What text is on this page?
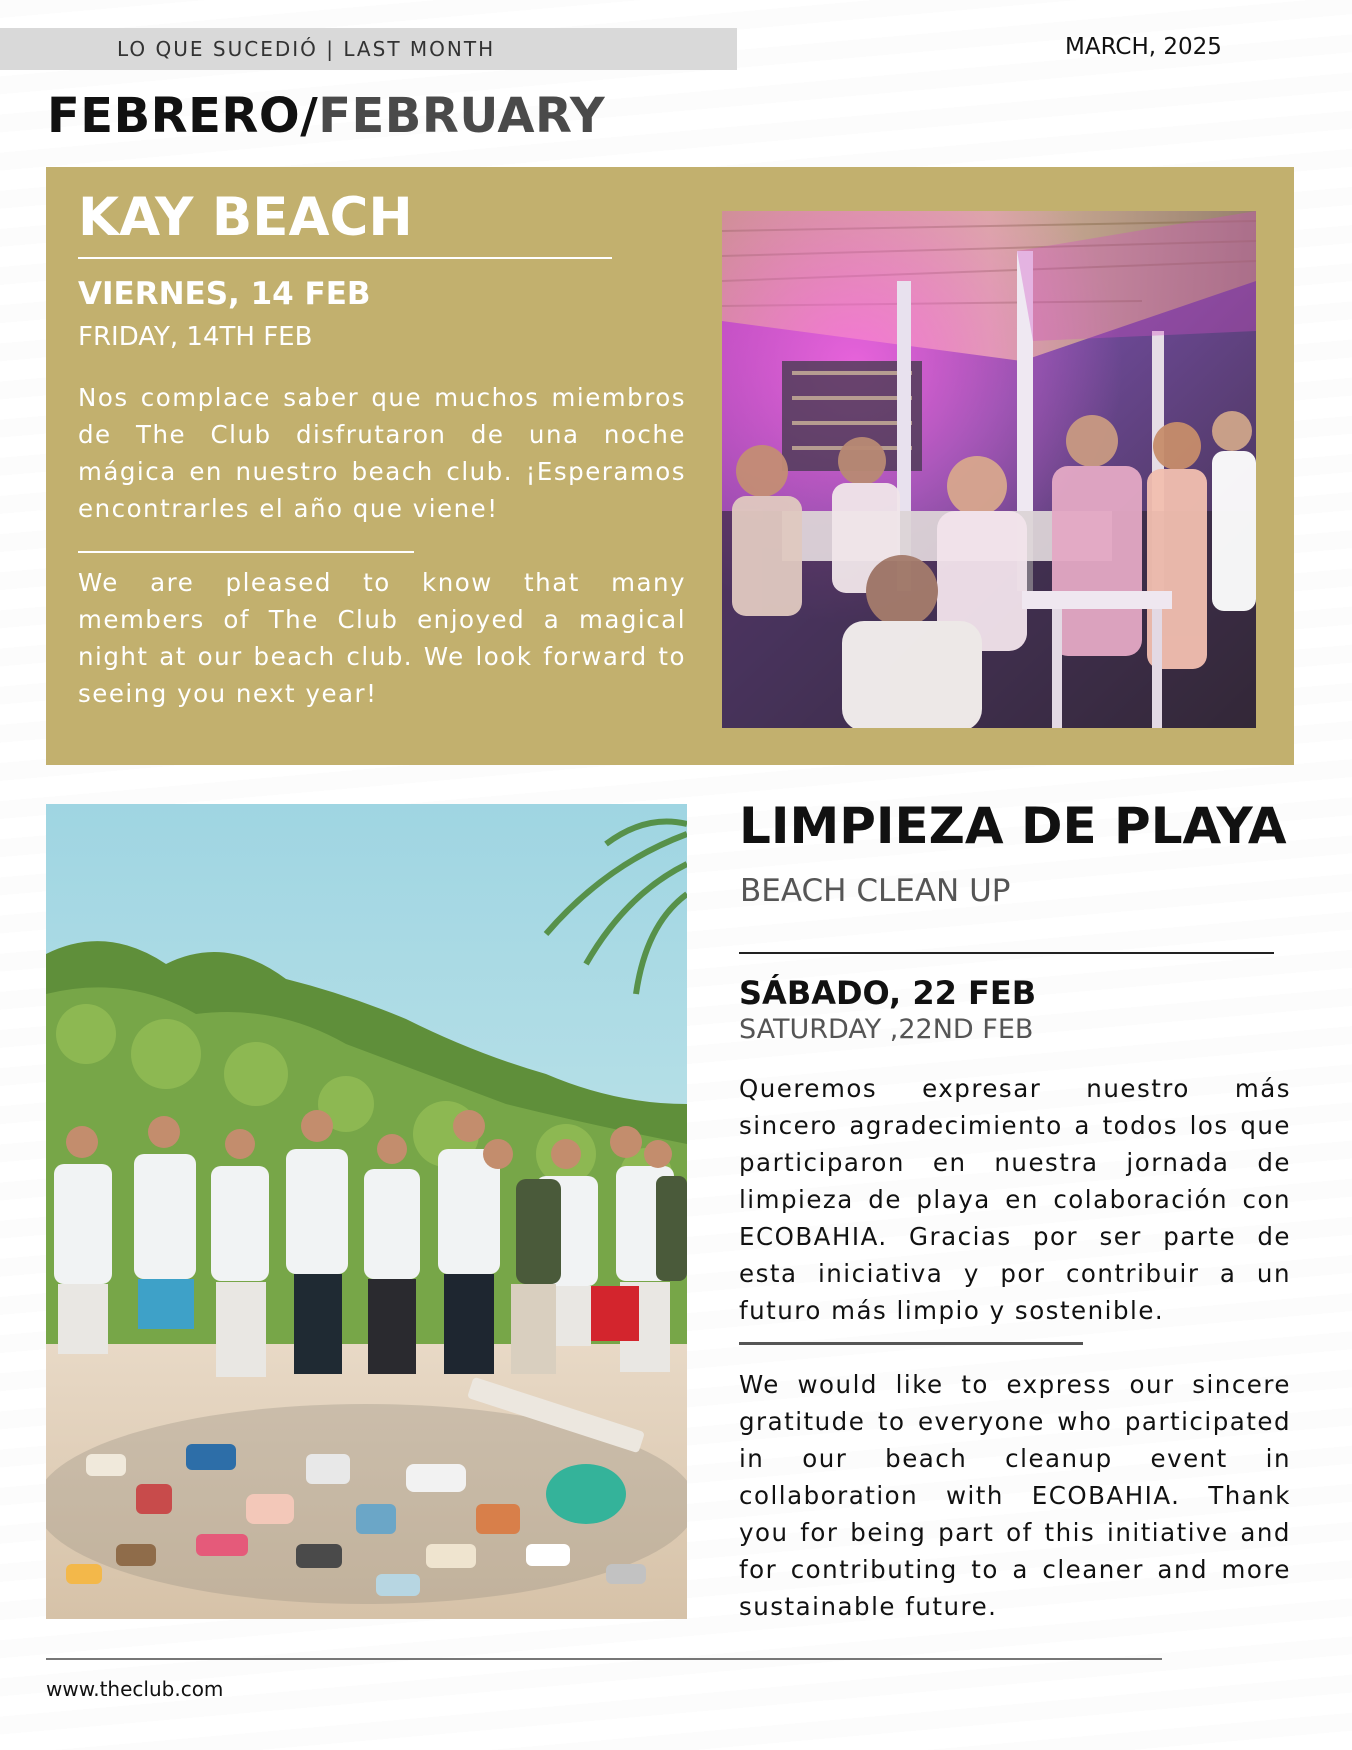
LO QUE SUCEDIÓ | LAST MONTH	MARCH, 2025
FEBRERO/FEBRUARY
KAY BEACH
VIERNES, 14 FEB
FRIDAY, 14TH FEB

Nos complace saber que muchos miembros de The Club disfrutaron de una noche mágica en nuestro beach club. ¡Esperamos encontrarles el año que viene!

We are pleased to know that many members of The Club enjoyed a magical night at our beach club. We look forward to seeing you next year!

LIMPIEZA DE PLAYA
BEACH CLEAN UP
SÁBADO, 22 FEB
SATURDAY ,22ND FEB

Queremos expresar nuestro más sincero agradecimiento a todos los que participaron en nuestra jornada de limpieza de playa en colaboración con ECOBAHIA. Gracias por ser parte de esta iniciativa y por contribuir a un futuro más limpio y sostenible.

We would like to express our sincere gratitude to everyone who participated in our beach cleanup event in collaboration with ECOBAHIA. Thank you for being part of this initiative and for contributing to a cleaner and more sustainable future.

www.theclub.com
